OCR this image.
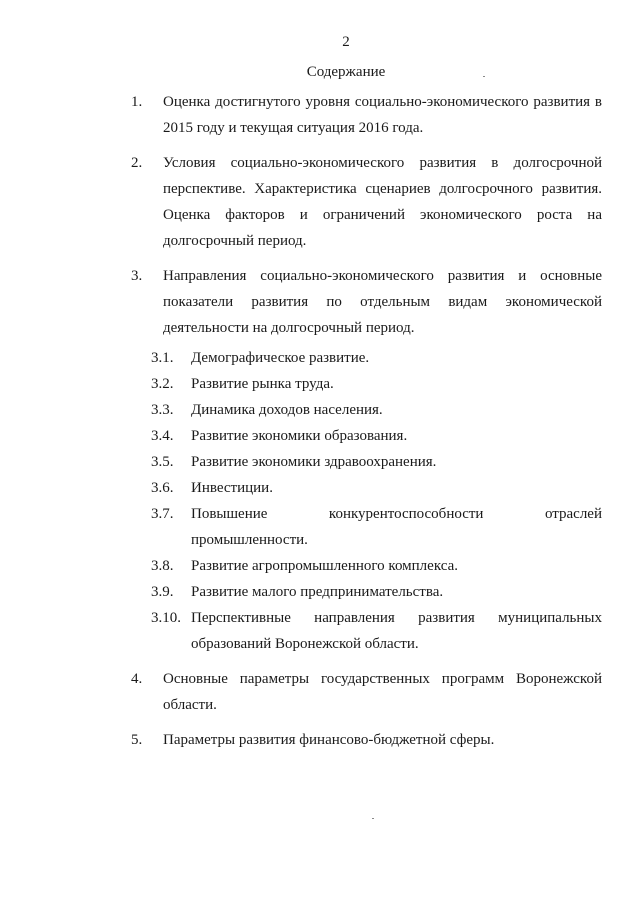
2
Содержание
1. Оценка достигнутого уровня социально-экономического развития в
2015 году и текущая ситуация 2016 года.
2. Условия социально-экономического развития в долгосрочной
перспективе. Характеристика сценариев долгосрочного развития.
Оценка факторов и ограничений экономического роста на
долгосрочный период.
3. Направления социально-экономического развития и основные
показатели развития по отдельным видам экономической
деятельности на долгосрочный период.
3.1. Демографическое развитие.
3.2. Развитие рынка труда.
3.3. Динамика доходов населения.
3.4. Развитие экономики образования.
3.5. Развитие экономики здравоохранения.
3.6. Инвестиции.
3.7. Повышение конкурентоспособности отраслей
промышленности.
3.8. Развитие агропромышленного комплекса.
3.9. Развитие малого предпринимательства.
3.10. Перспективные направления развития муниципальных
образований Воронежской области.
4. Основные параметры государственных программ Воронежской
области.
5. Параметры развития финансово-бюджетной сферы.
